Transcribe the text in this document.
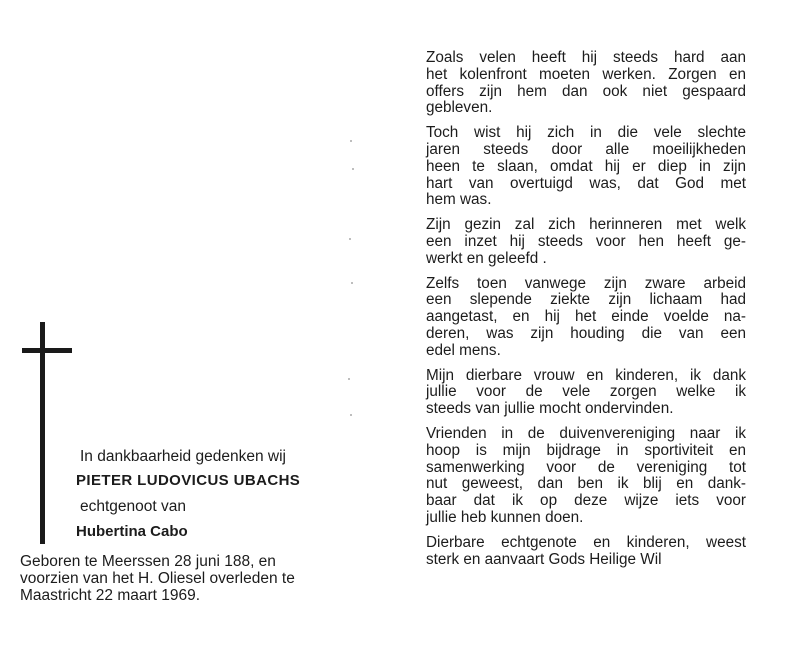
In dankbaarheid gedenken wij
PIETER LUDOVICUS UBACHS
echtgenoot van
Hubertina Cabo
Geboren te Meerssen 28 juni 188, en
voorzien van het H. Oliesel overleden te
Maastricht 22 maart 1969.
Zoals velen heeft hij steeds hard aan
het kolenfront moeten werken. Zorgen en
offers zijn hem dan ook niet gespaard
gebleven.
Toch wist hij zich in die vele slechte
jaren steeds door alle moeilijkheden
heen te slaan, omdat hij er diep in zijn
hart van overtuigd was, dat God met
hem was.
Zijn gezin zal zich herinneren met welk
een inzet hij steeds voor hen heeft ge-
werkt en geleefd .
Zelfs toen vanwege zijn zware arbeid
een slepende ziekte zijn lichaam had
aangetast, en hij het einde voelde na-
deren, was zijn houding die van een
edel mens.
Mijn dierbare vrouw en kinderen, ik dank
jullie voor de vele zorgen welke ik
steeds van jullie mocht ondervinden.
Vrienden in de duivenvereniging naar ik
hoop is mijn bijdrage in sportiviteit en
samenwerking voor de vereniging tot
nut geweest, dan ben ik blij en dank-
baar dat ik op deze wijze iets voor
jullie heb kunnen doen.
Dierbare echtgenote en kinderen, weest
sterk en aanvaart Gods Heilige Wil
